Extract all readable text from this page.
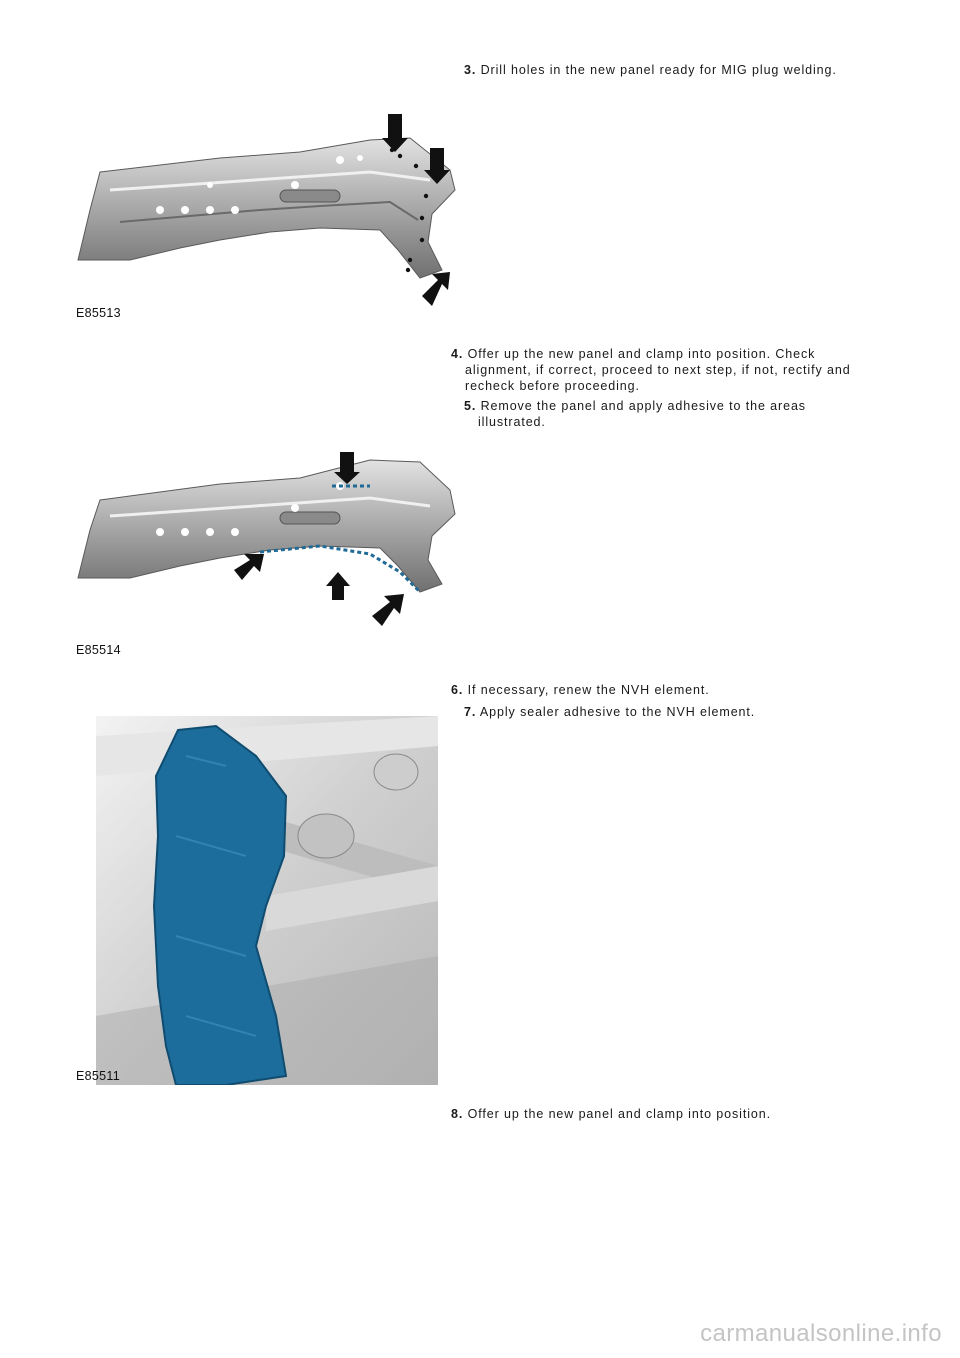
3. Drill holes in the new panel ready for MIG plug welding.
E85513
4. Offer up the new panel and clamp into position. Check
alignment, if correct, proceed to next step, if not, rectify and
recheck before proceeding.
5. Remove the panel and apply adhesive to the areas
illustrated.
E85514
6. If necessary, renew the NVH element.
7. Apply sealer adhesive to the NVH element.
E85511
8. Offer up the new panel and clamp into position.
carmanualsonline.info
